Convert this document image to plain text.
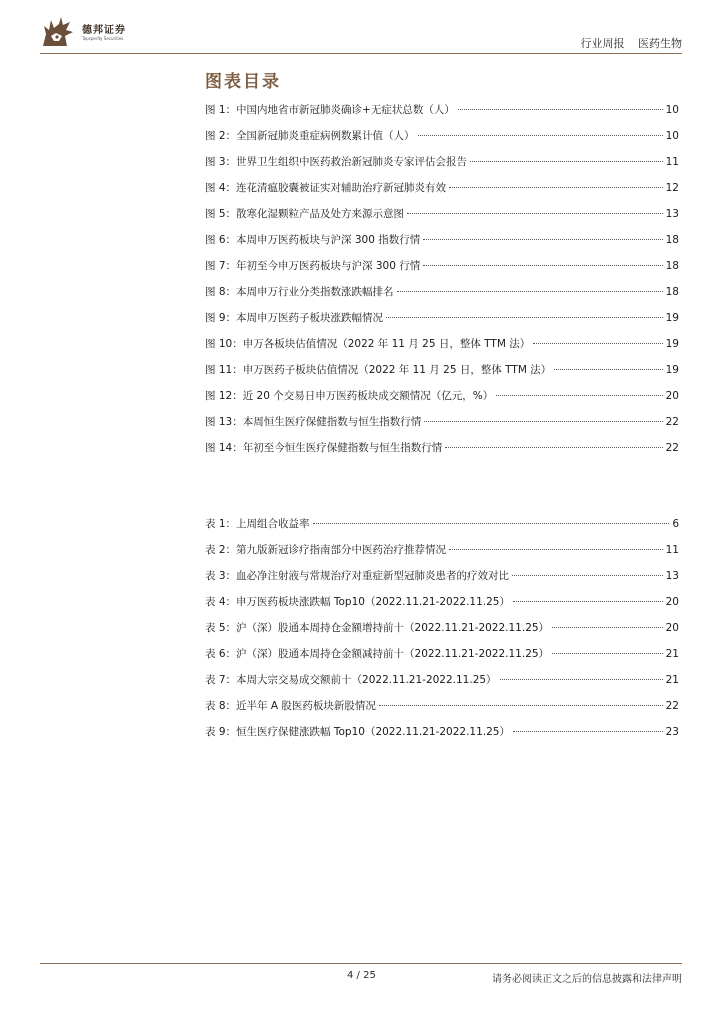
德邦证券
Topsperity Securities	行业周报 医药生物
图表目录
图 1： 中国内地省市新冠肺炎确诊+无症状总数（人）	10
图 2： 全国新冠肺炎重症病例数累计值（人）	10
图 3： 世界卫生组织中医药救治新冠肺炎专家评估会报告	11
图 4： 连花清瘟胶囊被证实对辅助治疗新冠肺炎有效	12
图 5： 散寒化湿颗粒产品及处方来源示意图	13
图 6： 本周申万医药板块与沪深 300 指数行情	18
图 7： 年初至今申万医药板块与沪深 300 行情	18
图 8： 本周申万行业分类指数涨跌幅排名	18
图 9： 本周申万医药子板块涨跌幅情况	19
图 10： 申万各板块估值情况（2022 年 11 月 25 日，整体 TTM 法）	19
图 11： 申万医药子板块估值情况（2022 年 11 月 25 日，整体 TTM 法）	19
图 12： 近 20 个交易日申万医药板块成交额情况（亿元，%）	20
图 13： 本周恒生医疗保健指数与恒生指数行情	22
图 14： 年初至今恒生医疗保健指数与恒生指数行情	22
表 1： 上周组合收益率	6
表 2： 第九版新冠诊疗指南部分中医药治疗推荐情况	11
表 3： 血必净注射液与常规治疗对重症新型冠肺炎患者的疗效对比	13
表 4： 申万医药板块涨跌幅 Top10（2022.11.21-2022.11.25）	20
表 5： 沪（深）股通本周持仓金额增持前十（2022.11.21-2022.11.25）	20
表 6： 沪（深）股通本周持仓金额减持前十（2022.11.21-2022.11.25）	21
表 7： 本周大宗交易成交额前十（2022.11.21-2022.11.25）	21
表 8： 近半年 A 股医药板块新股情况	22
表 9： 恒生医疗保健涨跌幅 Top10（2022.11.21-2022.11.25）	23
4 / 25	请务必阅读正文之后的信息披露和法律声明
